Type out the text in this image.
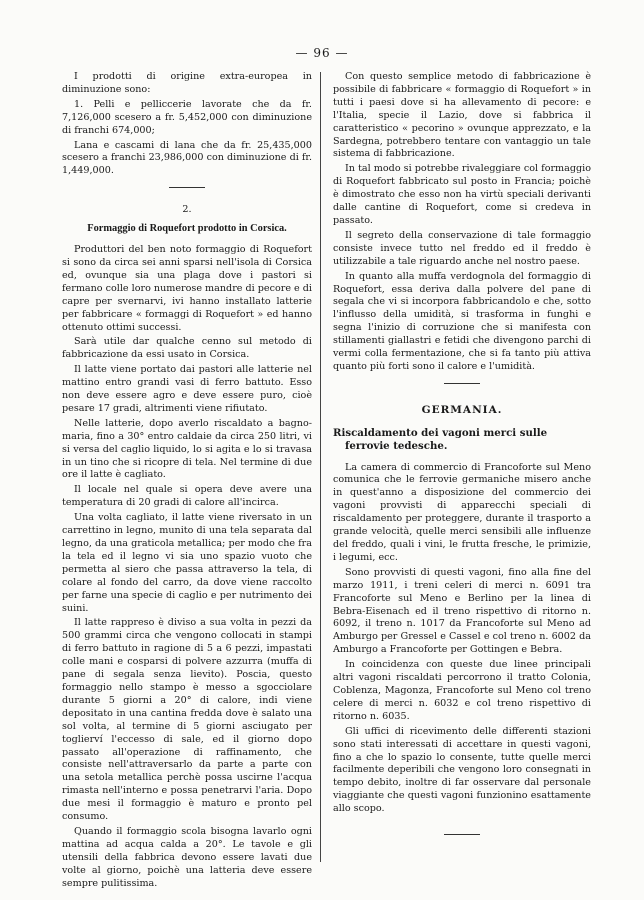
— 96 —

I prodotti di origine extra-europea in diminuzione sono:

1. Pelli e pelliccerie lavorate che da fr. 7,126,000 scesero a fr. 5,452,000 con diminuzione di franchi 674,000;

Lana e cascami di lana che da fr. 25,435,000 scesero a franchi 23,986,000 con diminuzione di fr. 1,449,000.

2.
Formaggio di Roquefort prodotto in Corsica.

Produttori del ben noto formaggio di Roquefort si sono da circa sei anni sparsi nell'isola di Corsica ed, ovunque sia una plaga dove i pastori si fermano colle loro numerose mandre di pecore e di capre per svernarvi, ivi hanno installato latterie per fabbricare « formaggi di Roquefort » ed hanno ottenuto ottimi successi.

Sarà utile dar qualche cenno sul metodo di fabbricazione da essi usato in Corsica.

Il latte viene portato dai pastori alle latterie nel mattino entro grandi vasi di ferro battuto. Esso non deve essere agro e deve essere puro, cioè pesare 17 gradi, altrimenti viene rifiutato.

Nelle latterie, dopo averlo riscaldato a bagno-maria, fino a 30° entro caldaie da circa 250 litri, vi si versa del caglio liquido, lo si agita e lo si travasa in un tino che si ricopre di tela. Nel termine di due ore il latte è cagliato.

Il locale nel quale si opera deve avere una temperatura di 20 gradi di calore all'incirca.

Una volta cagliato, il latte viene riversato in un carrettino in legno, munito di una tela separata dal legno, da una graticola metallica; per modo che fra la tela ed il legno vi sia uno spazio vuoto che permetta al siero che passa attraverso la tela, di colare al fondo del carro, da dove viene raccolto per farne una specie di caglio e per nutrimento dei suini.

Il latte rappreso è diviso a sua volta in pezzi da 500 grammi circa che vengono collocati in stampi di ferro battuto in ragione di 5 a 6 pezzi, impastati colle mani e cosparsi di polvere azzurra (muffa di pane di segala senza lievito). Poscia, questo formaggio nello stampo è messo a sgocciolare durante 5 giorni a 20° di calore, indi viene depositato in una cantina fredda dove è salato una sol volta, al termine di 5 giorni asciugato per toglierví l'eccesso di sale, ed il giorno dopo passato all'operazione di raffinamento, che consiste nell'attraversarlo da parte a parte con una setola metallica perchè possa uscirne l'acqua rimasta nell'interno e possa penetrarvi l'aria. Dopo due mesi il formaggio è maturo e pronto pel consumo.

Quando il formaggio scola bisogna lavarlo ogni mattina ad acqua calda a 20°. Le tavole e gli utensili della fabbrica devono essere lavati due volte al giorno, poichè una latteria deve essere sempre pulitissima.

Con questo semplice metodo di fabbricazione è possibile di fabbricare « formaggio di Roquefort » in tutti i paesi dove si ha allevamento di pecore: e l'Italia, specie il Lazio, dove si fabbrica il caratteristico « pecorino » ovunque apprezzato, e la Sardegna, potrebbero tentare con vantaggio un tale sistema di fabbricazione.

In tal modo si potrebbe rivaleggiare col formaggio di Roquefort fabbricato sul posto in Francia; poichè è dimostrato che esso non ha virtù speciali derivanti dalle cantine di Roquefort, come si credeva in passato.

Il segreto della conservazione di tale formaggio consiste invece tutto nel freddo ed il freddo è utilizzabile a tale riguardo anche nel nostro paese.

In quanto alla muffa verdognola del formaggio di Roquefort, essa deriva dalla polvere del pane di segala che vi si incorpora fabbricandolo e che, sotto l'influsso della umidità, si trasforma in funghi e segna l'inizio di corruzione che si manifesta con stillamenti giallastri e fetidi che divengono parchi di vermi colla fermentazione, che si fa tanto più attiva quanto più forti sono il calore e l'umidità.

GERMANIA.
Riscaldamento dei vagoni merci sulle ferrovie tedesche.

La camera di commercio di Francoforte sul Meno comunica che le ferrovie germaniche misero anche in quest'anno a disposizione del commercio dei vagoni provvisti di apparecchi speciali di riscaldamento per proteggere, durante il trasporto a grande velocità, quelle merci sensibili alle influenze del freddo, quali i vini, le frutta fresche, le primizie, i legumi, ecc.

Sono provvisti di questi vagoni, fino alla fine del marzo 1911, i treni celeri di merci n. 6091 tra Francoforte sul Meno e Berlino per la linea di Bebra-Eisenach ed il treno rispettivo di ritorno n. 6092, il treno n. 1017 da Francoforte sul Meno ad Amburgo per Gressel e Cassel e col treno n. 6002 da Amburgo a Francoforte per Gottingen e Bebra.

In coincidenza con queste due linee principali altri vagoni riscaldati percorrono il tratto Colonia, Coblenza, Magonza, Francoforte sul Meno col treno celere di merci n. 6032 e col treno rispettivo di ritorno n. 6035.

Gli uffici di ricevimento delle differenti stazioni sono stati interessati di accettare in questi vagoni, fino a che lo spazio lo consente, tutte quelle merci facilmente deperibili che vengono loro consegnati in tempo debito, inoltre di far osservare dal personale viaggiante che questi vagoni funzionino esattamente allo scopo.
